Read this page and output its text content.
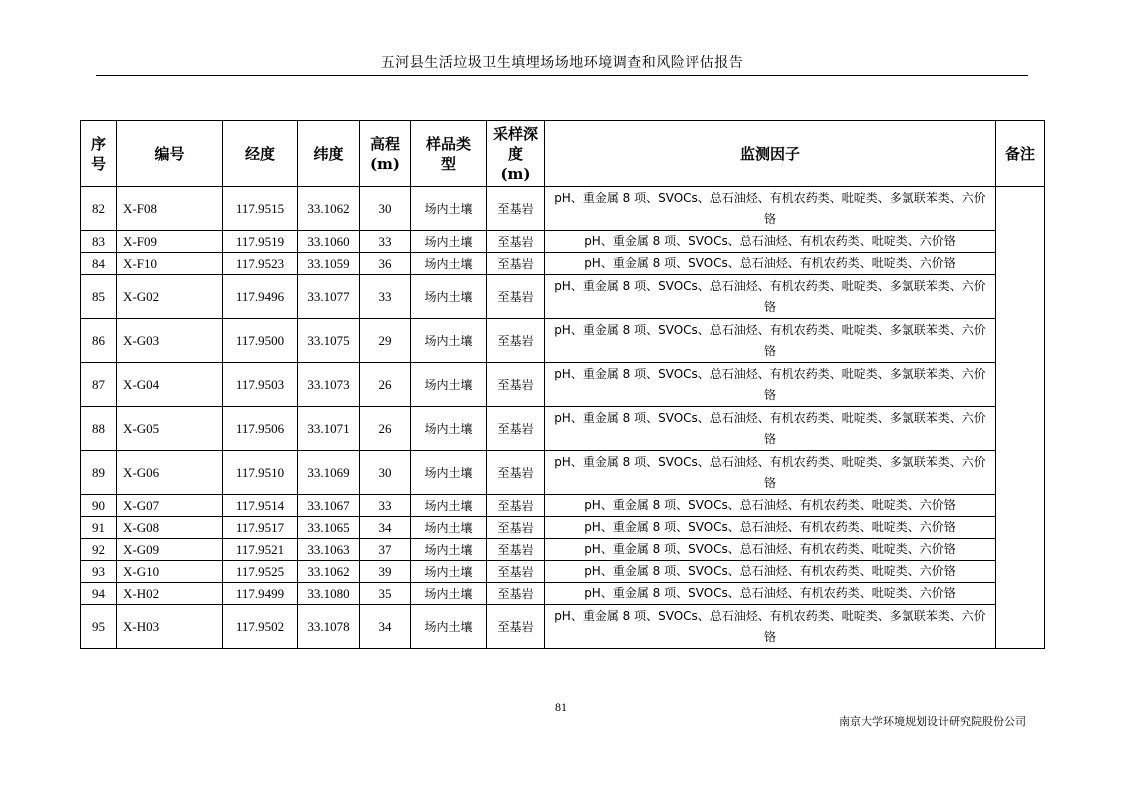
五河县生活垃圾卫生填埋场场地环境调查和风险评估报告
序号	编号	经度	纬度	高程(m)	样品类型	采样深度(m)	监测因子	备注
82	X-F08	117.9515	33.1062	30	场内土壤	至基岩	pH、重金属 8 项、SVOCs、总石油烃、有机农药类、吡啶类、多氯联苯类、六价铬	
83	X-F09	117.9519	33.1060	33	场内土壤	至基岩	pH、重金属 8 项、SVOCs、总石油烃、有机农药类、吡啶类、六价铬	
84	X-F10	117.9523	33.1059	36	场内土壤	至基岩	pH、重金属 8 项、SVOCs、总石油烃、有机农药类、吡啶类、六价铬	
85	X-G02	117.9496	33.1077	33	场内土壤	至基岩	pH、重金属 8 项、SVOCs、总石油烃、有机农药类、吡啶类、多氯联苯类、六价铬	
86	X-G03	117.9500	33.1075	29	场内土壤	至基岩	pH、重金属 8 项、SVOCs、总石油烃、有机农药类、吡啶类、多氯联苯类、六价铬	
87	X-G04	117.9503	33.1073	26	场内土壤	至基岩	pH、重金属 8 项、SVOCs、总石油烃、有机农药类、吡啶类、多氯联苯类、六价铬	
88	X-G05	117.9506	33.1071	26	场内土壤	至基岩	pH、重金属 8 项、SVOCs、总石油烃、有机农药类、吡啶类、多氯联苯类、六价铬	
89	X-G06	117.9510	33.1069	30	场内土壤	至基岩	pH、重金属 8 项、SVOCs、总石油烃、有机农药类、吡啶类、多氯联苯类、六价铬	
90	X-G07	117.9514	33.1067	33	场内土壤	至基岩	pH、重金属 8 项、SVOCs、总石油烃、有机农药类、吡啶类、六价铬	
91	X-G08	117.9517	33.1065	34	场内土壤	至基岩	pH、重金属 8 项、SVOCs、总石油烃、有机农药类、吡啶类、六价铬	
92	X-G09	117.9521	33.1063	37	场内土壤	至基岩	pH、重金属 8 项、SVOCs、总石油烃、有机农药类、吡啶类、六价铬	
93	X-G10	117.9525	33.1062	39	场内土壤	至基岩	pH、重金属 8 项、SVOCs、总石油烃、有机农药类、吡啶类、六价铬	
94	X-H02	117.9499	33.1080	35	场内土壤	至基岩	pH、重金属 8 项、SVOCs、总石油烃、有机农药类、吡啶类、六价铬	
95	X-H03	117.9502	33.1078	34	场内土壤	至基岩	pH、重金属 8 项、SVOCs、总石油烃、有机农药类、吡啶类、多氯联苯类、六价铬	
81
南京大学环境规划设计研究院股份公司
